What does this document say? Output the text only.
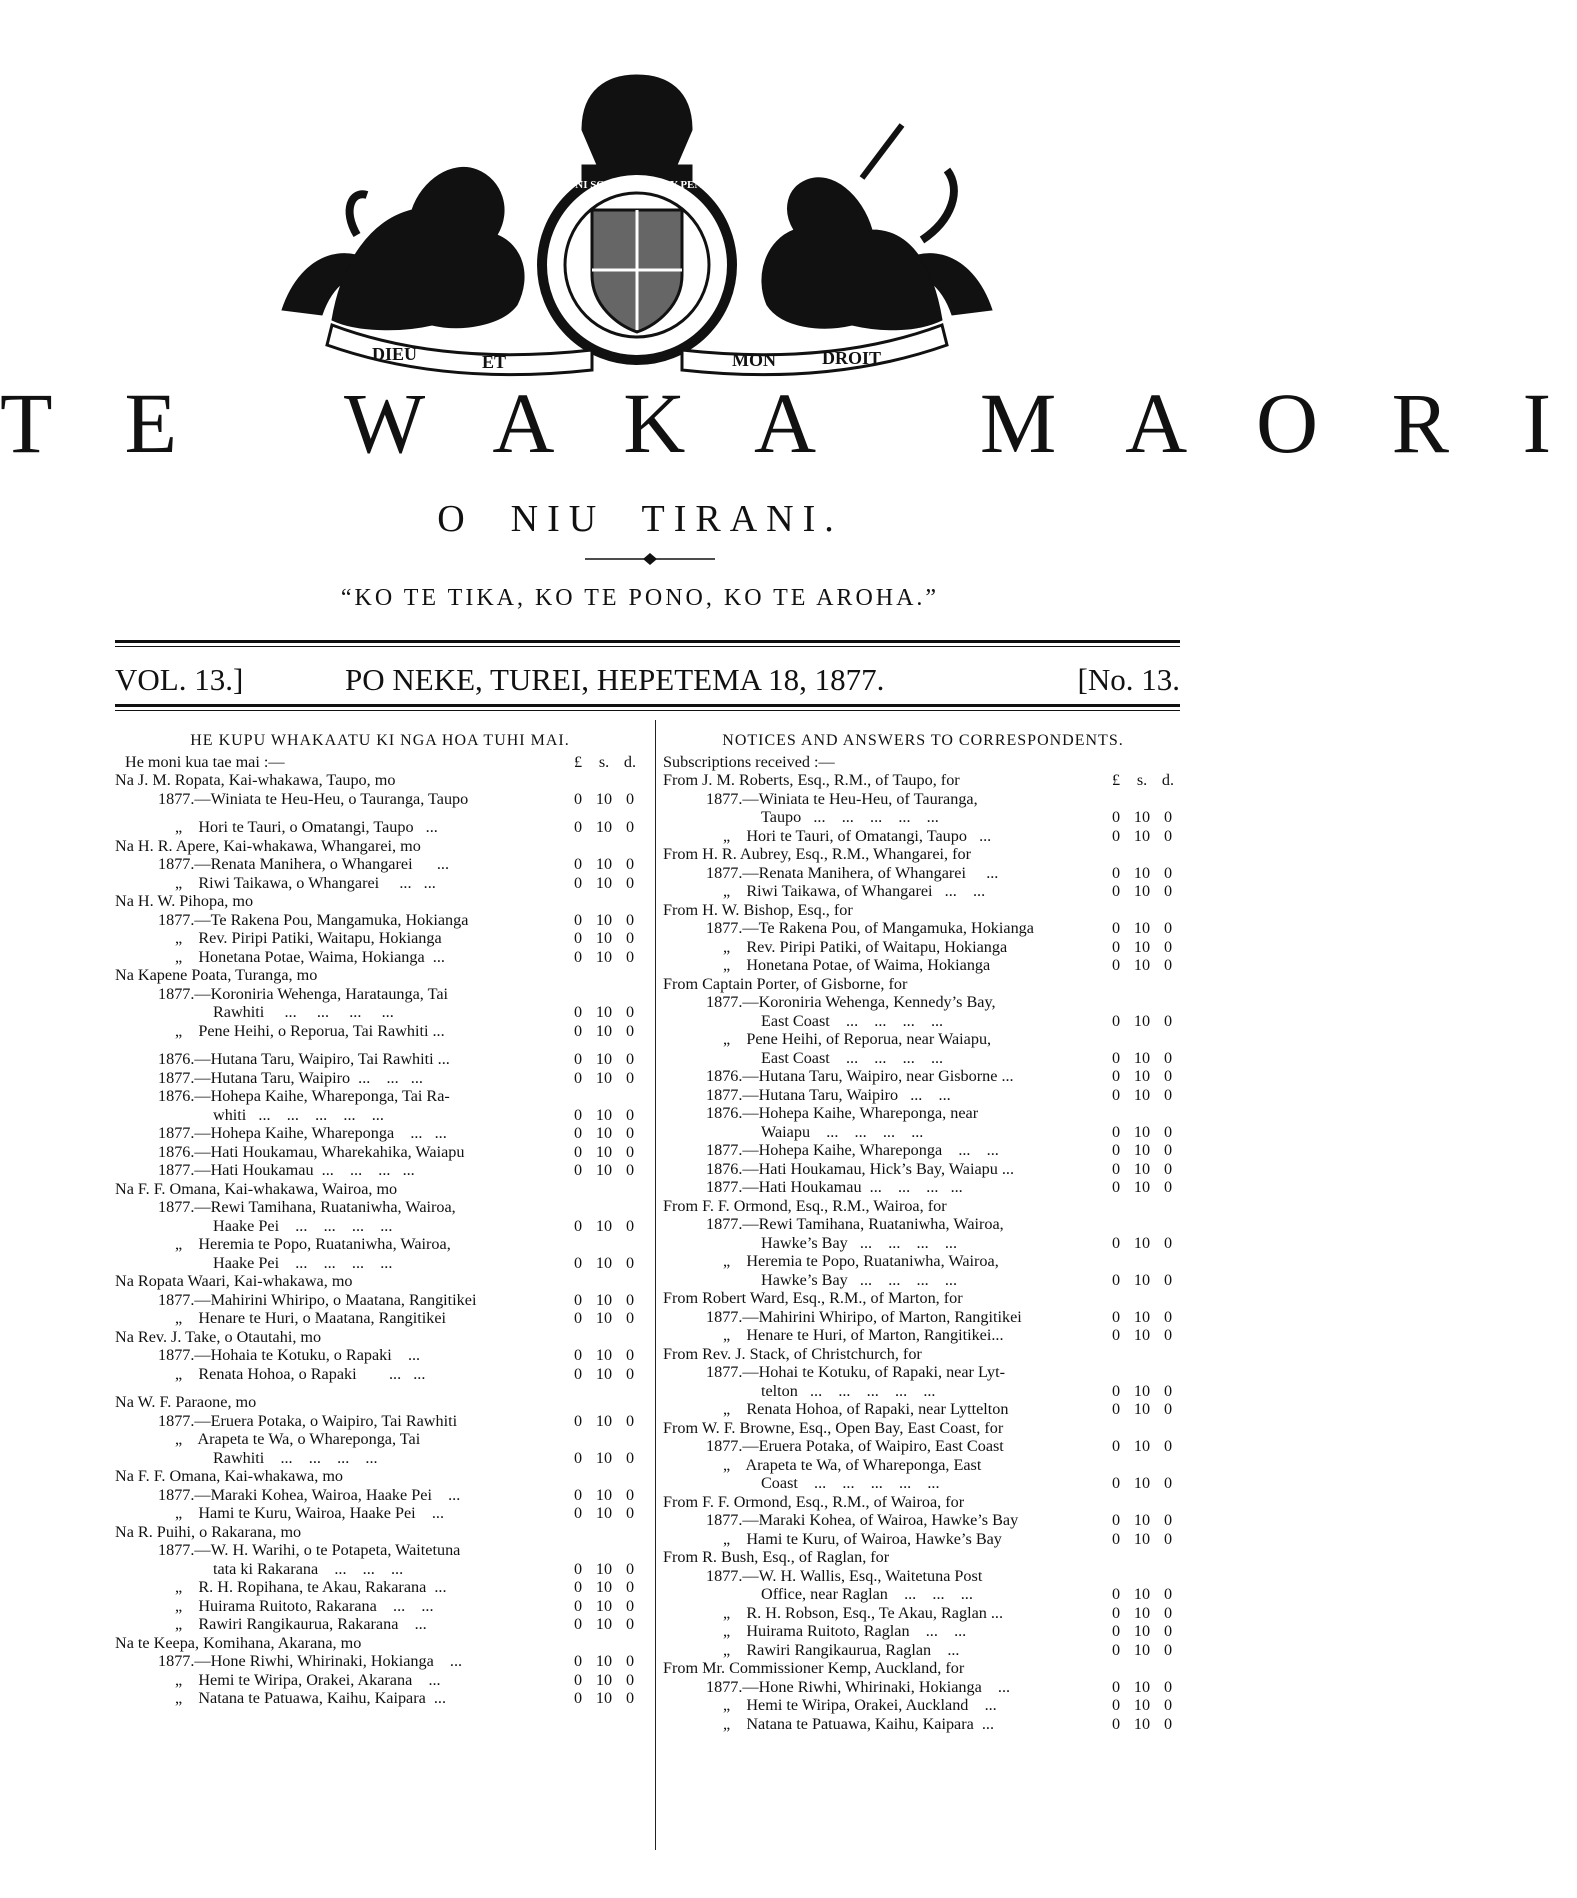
DIEU	ET	MON	DROIT
HONI SOIT QUI MAL Y PENSE
T E   W A K A   M A O R I
O  NIU  TIRANI.
“KO TE TIKA, KO TE PONO, KO TE AROHA.”
VOL. 13.]	PO NEKE, TUREI, HEPETEMA 18, 1877.	[No. 13.
HE KUPU WHAKAATU KI NGA HOA TUHI MAI.
He moni kua tae mai :—	£	s. d.
Na J. M. Ropata, Kai-whakawa, Taupo, mo
1877.—Winiata te Heu-Heu, o Tauranga, Taupo	0 10 0
„    Hori te Tauri, o Omatangi, Taupo   ...	0 10 0
Na H. R. Apere, Kai-whakawa, Whangarei, mo
1877.—Renata Manihera, o Whangarei      ...	0 10 0
„    Riwi Taikawa, o Whangarei     ...   ...	0 10 0
Na H. W. Pihopa, mo
1877.—Te Rakena Pou, Mangamuka, Hokianga	0 10 0
„    Rev. Piripi Patiki, Waitapu, Hokianga	0 10 0
„    Honetana Potae, Waima, Hokianga  ...	0 10 0
Na Kapene Poata, Turanga, mo
1877.—Koroniria Wehenga, Harataunga, Tai
Rawhiti     ...     ...     ...     ...	0 10 0
„    Pene Heihi, o Reporua, Tai Rawhiti ...	0 10 0
1876.—Hutana Taru, Waipiro, Tai Rawhiti ...	0 10 0
1877.—Hutana Taru, Waipiro  ...    ...   ...	0 10 0
1876.—Hohepa Kaihe, Whareponga, Tai Ra-
whiti   ...    ...    ...    ...    ...	0 10 0
1877.—Hohepa Kaihe, Whareponga    ...   ...	0 10 0
1876.—Hati Houkamau, Wharekahika, Waiapu	0 10 0
1877.—Hati Houkamau  ...    ...    ...   ...	0 10 0
Na F. F. Omana, Kai-whakawa, Wairoa, mo
1877.—Rewi Tamihana, Ruataniwha, Wairoa,
Haake Pei    ...    ...    ...    ...	0 10 0
„    Heremia te Popo, Ruataniwha, Wairoa,
Haake Pei    ...    ...    ...    ...	0 10 0
Na Ropata Waari, Kai-whakawa, mo
1877.—Mahirini Whiripo, o Maatana, Rangitikei	0 10 0
„    Henare te Huri, o Maatana, Rangitikei	0 10 0
Na Rev. J. Take, o Otautahi, mo
1877.—Hohaia te Kotuku, o Rapaki    ...	0 10 0
„    Renata Hohoa, o Rapaki        ...   ...	0 10 0
Na W. F. Paraone, mo
1877.—Eruera Potaka, o Waipiro, Tai Rawhiti	0 10 0
„    Arapeta te Wa, o Whareponga, Tai
Rawhiti    ...    ...    ...    ...	0 10 0
Na F. F. Omana, Kai-whakawa, mo
1877.—Maraki Kohea, Wairoa, Haake Pei    ...	0 10 0
„    Hami te Kuru, Wairoa, Haake Pei    ...	0 10 0
Na R. Puihi, o Rakarana, mo
1877.—W. H. Warihi, o te Potapeta, Waitetuna
tata ki Rakarana    ...    ...    ...	0 10 0
„    R. H. Ropihana, te Akau, Rakarana  ...	0 10 0
„    Huirama Ruitoto, Rakarana    ...    ...	0 10 0
„    Rawiri Rangikaurua, Rakarana    ...	0 10 0
Na te Keepa, Komihana, Akarana, mo
1877.—Hone Riwhi, Whirinaki, Hokianga    ...	0 10 0
„    Hemi te Wiripa, Orakei, Akarana    ...	0 10 0
„    Natana te Patuawa, Kaihu, Kaipara  ...	0 10 0
NOTICES AND ANSWERS TO CORRESPONDENTS.
Subscriptions received :—
From J. M. Roberts, Esq., R.M., of Taupo, for	£	s. d.
1877.—Winiata te Heu-Heu, of Tauranga,
Taupo   ...    ...    ...    ...    ...	0 10 0
„    Hori te Tauri, of Omatangi, Taupo   ...	0 10 0
From H. R. Aubrey, Esq., R.M., Whangarei, for
1877.—Renata Manihera, of Whangarei     ...	0 10 0
„    Riwi Taikawa, of Whangarei   ...    ...	0 10 0
From H. W. Bishop, Esq., for
1877.—Te Rakena Pou, of Mangamuka, Hokianga	0 10 0
„    Rev. Piripi Patiki, of Waitapu, Hokianga	0 10 0
„    Honetana Potae, of Waima, Hokianga	0 10 0
From Captain Porter, of Gisborne, for
1877.—Koroniria Wehenga, Kennedy’s Bay,
East Coast    ...    ...    ...    ...	0 10 0
„    Pene Heihi, of Reporua, near Waiapu,
East Coast    ...    ...    ...    ...	0 10 0
1876.—Hutana Taru, Waipiro, near Gisborne ...	0 10 0
1877.—Hutana Taru, Waipiro   ...    ...	0 10 0
1876.—Hohepa Kaihe, Whareponga, near
Waiapu    ...    ...    ...    ...	0 10 0
1877.—Hohepa Kaihe, Whareponga    ...    ...	0 10 0
1876.—Hati Houkamau, Hick’s Bay, Waiapu ...	0 10 0
1877.—Hati Houkamau  ...    ...    ...   ...	0 10 0
From F. F. Ormond, Esq., R.M., Wairoa, for
1877.—Rewi Tamihana, Ruataniwha, Wairoa,
Hawke’s Bay   ...    ...    ...    ...	0 10 0
„    Heremia te Popo, Ruataniwha, Wairoa,
Hawke’s Bay   ...    ...    ...    ...	0 10 0
From Robert Ward, Esq., R.M., of Marton, for
1877.—Mahirini Whiripo, of Marton, Rangitikei	0 10 0
„    Henare te Huri, of Marton, Rangitikei...	0 10 0
From Rev. J. Stack, of Christchurch, for
1877.—Hohai te Kotuku, of Rapaki, near Lyt-
telton   ...    ...    ...    ...    ...	0 10 0
„    Renata Hohoa, of Rapaki, near Lyttelton	0 10 0
From W. F. Browne, Esq., Open Bay, East Coast, for
1877.—Eruera Potaka, of Waipiro, East Coast	0 10 0
„    Arapeta te Wa, of Whareponga, East
Coast    ...    ...    ...    ...    ...	0 10 0
From F. F. Ormond, Esq., R.M., of Wairoa, for
1877.—Maraki Kohea, of Wairoa, Hawke’s Bay	0 10 0
„    Hami te Kuru, of Wairoa, Hawke’s Bay	0 10 0
From R. Bush, Esq., of Raglan, for
1877.—W. H. Wallis, Esq., Waitetuna Post
Office, near Raglan    ...    ...    ...	0 10 0
„    R. H. Robson, Esq., Te Akau, Raglan ...	0 10 0
„    Huirama Ruitoto, Raglan    ...    ...	0 10 0
„    Rawiri Rangikaurua, Raglan    ...	0 10 0
From Mr. Commissioner Kemp, Auckland, for
1877.—Hone Riwhi, Whirinaki, Hokianga    ...	0 10 0
„    Hemi te Wiripa, Orakei, Auckland    ...	0 10 0
„    Natana te Patuawa, Kaihu, Kaipara  ...	0 10 0
